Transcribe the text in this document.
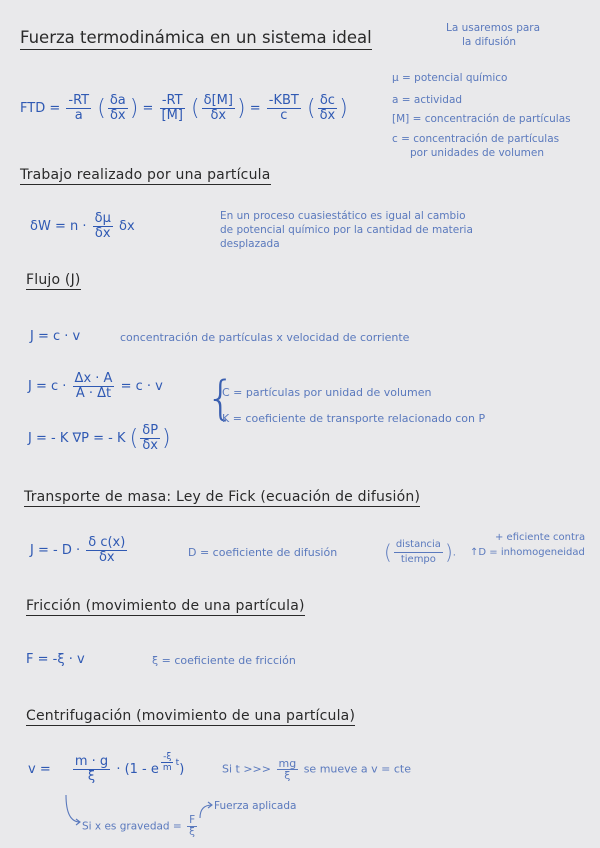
Fuerza termodinámica en un sistema ideal	La usaremos para
la difusión
FTD = $\frac{-RT}{a}$ ( $\frac{\delta a}{\delta x}$ ) = $\frac{-RT}{[M]}$ ( $\frac{\delta[M]}{\delta x}$ ) = $\frac{\text{-KBT}}{c}$ ( $\frac{\delta c}{\delta x}$ )
μ = potencial químico
a = actividad
[M] = concentración de partículas
c = concentración de partículas
por unidades de volumen
Trabajo realizado por una partícula
$\delta W = n \cdot \frac{\delta\mu}{\delta x}$ δx
En un proceso cuasiestático es igual al cambio
de potencial químico por la cantidad de materia
desplazada
Flujo (J)
J = c · v	concentración de partículas x velocidad de corriente
$J = c \cdot \frac{\Delta x \cdot A}{A \cdot \Delta t} = c \cdot v$
J = - K ∇P = - K ( $\frac{\delta P}{\delta x}$ )
{
C = partículas por unidad de volumen
K = coeficiente de transporte relacionado con P
Transporte de masa: Ley de Fick (ecuación de difusión)
J = - $D \cdot \frac{\text{δ c(x)}}{\delta x}$	D = coeficiente de difusión ( $\frac{\text{distancia}}{\text{tiempo}}$ ).
+ eficiente contra
↑D = inhomogeneidad
Fricción (movimiento de una partícula)
F = -ξ · v	ξ = coeficiente de fricción
Centrifugación (movimiento de una partícula)
$v = \frac{m \cdot g}{\xi} \cdot (1 - e$ $^{\frac{-\xi}{m} t}$ )	Si t >>> $\frac{mg}{\xi}$ se mueve a v = cte
Si x es gravedad = $\frac{F}{\xi}$
Fuerza aplicada
